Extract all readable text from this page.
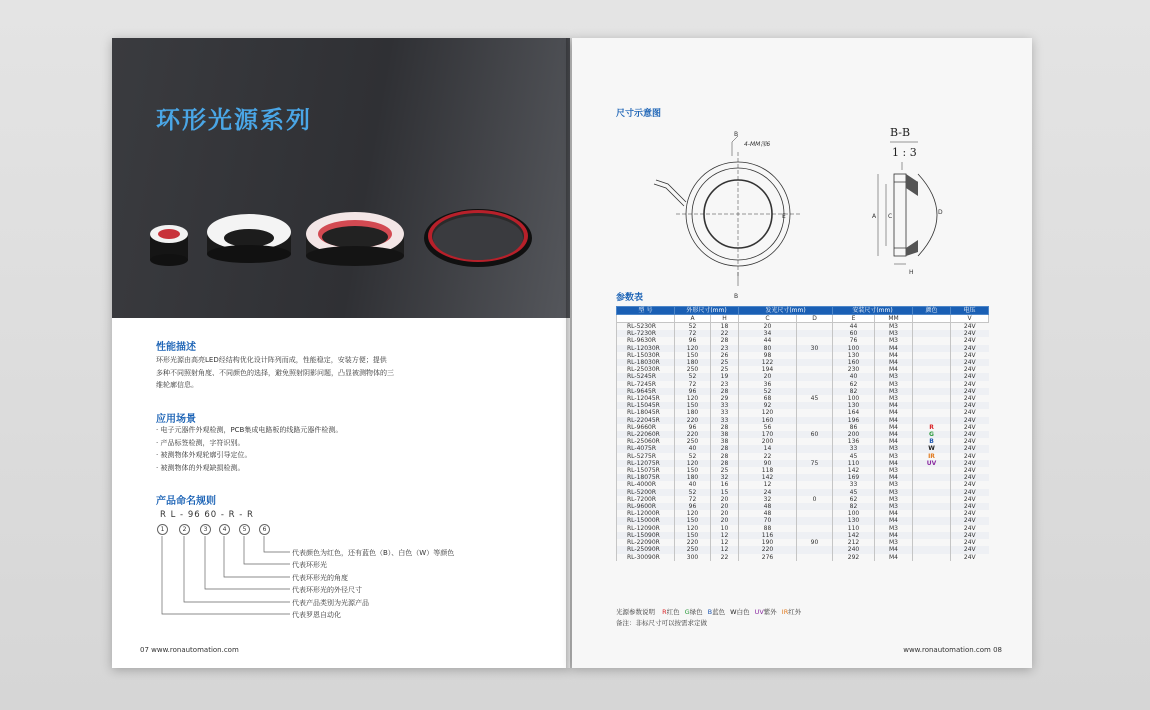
环形光源系列
性能描述
环形光源由高亮LED经结构优化设计阵列而成，性能稳定，安装方便；提供
多种不同照射角度、不同颜色的选择，避免照射阴影问题，凸显被测物体的三
维轮廓信息。
应用场景
· 电子元器件外观检测，PCB集成电路板的线路元器件检测。
· 产品标签检测，字符识别。
· 被测物体外观轮廓引导定位。
· 被测物体的外观缺损检测。
产品命名规则
R L - 96 60 - R - R
1	2	3	4	5	6
代表颜色为红色，还有蓝色（B）、白色（W）等颜色
代表环形光
代表环形光的角度
代表环形光的外径尺寸
代表产品类别为光源产品
代表罗恩自动化
07 www.ronautomation.com
尺寸示意图
4-MM深6
B
B
E
B-B
1 : 3
A C
D
H
参数表
型 号	外形尺寸(mm)		发光尺寸(mm)		安装尺寸(mm)		颜色	电压
	A	H	C	D	E	MM		V
RL-5230R	52	18	20		44	M3		24V
RL-7230R	72	22	34		60	M3		24V
RL-9630R	96	28	44		76	M3		24V
RL-12030R	120	23	80	30	100	M4		24V
RL-15030R	150	26	98		130	M4		24V
RL-18030R	180	25	122		160	M4		24V
RL-25030R	250	25	194		230	M4		24V
RL-5245R	52	19	20		40	M3		24V
RL-7245R	72	23	36		62	M3		24V
RL-9645R	96	28	52		82	M3		24V
RL-12045R	120	29	68	45	100	M3		24V
RL-15045R	150	33	92		130	M4		24V
RL-18045R	180	33	120		164	M4		24V
RL-22045R	220	33	160		196	M4		24V
RL-9660R	96	28	56		86	M4	R	24V
RL-22060R	220	38	170	60	200	M4	G	24V
RL-25060R	250	38	200		136	M4	B	24V
RL-4075R	40	28	14		33	M3	W	24V
RL-5275R	52	28	22		45	M3	IR	24V
RL-12075R	120	28	90	75	110	M4	UV	24V
RL-15075R	150	25	118		142	M3		24V
RL-18075R	180	32	142		169	M4		24V
RL-4000R	40	16	12		33	M3		24V
RL-5200R	52	15	24		45	M3		24V
RL-7200R	72	20	32	0	62	M3		24V
RL-9600R	96	20	48		82	M3		24V
RL-12000R	120	20	48		100	M4		24V
RL-15000R	150	20	70		130	M4		24V
RL-12090R	120	10	88		110	M3		24V
RL-15090R	150	12	116		142	M4		24V
RL-22090R	220	12	190	90	212	M3		24V
RL-25090R	250	12	220		240	M4		24V
RL-30090R	300	22	276		292	M4		24V
光源参数说明 R红色 G绿色 B蓝色 W白色 UV紫外 IR红外
备注：非标尺寸可以按需求定做
www.ronautomation.com 08
